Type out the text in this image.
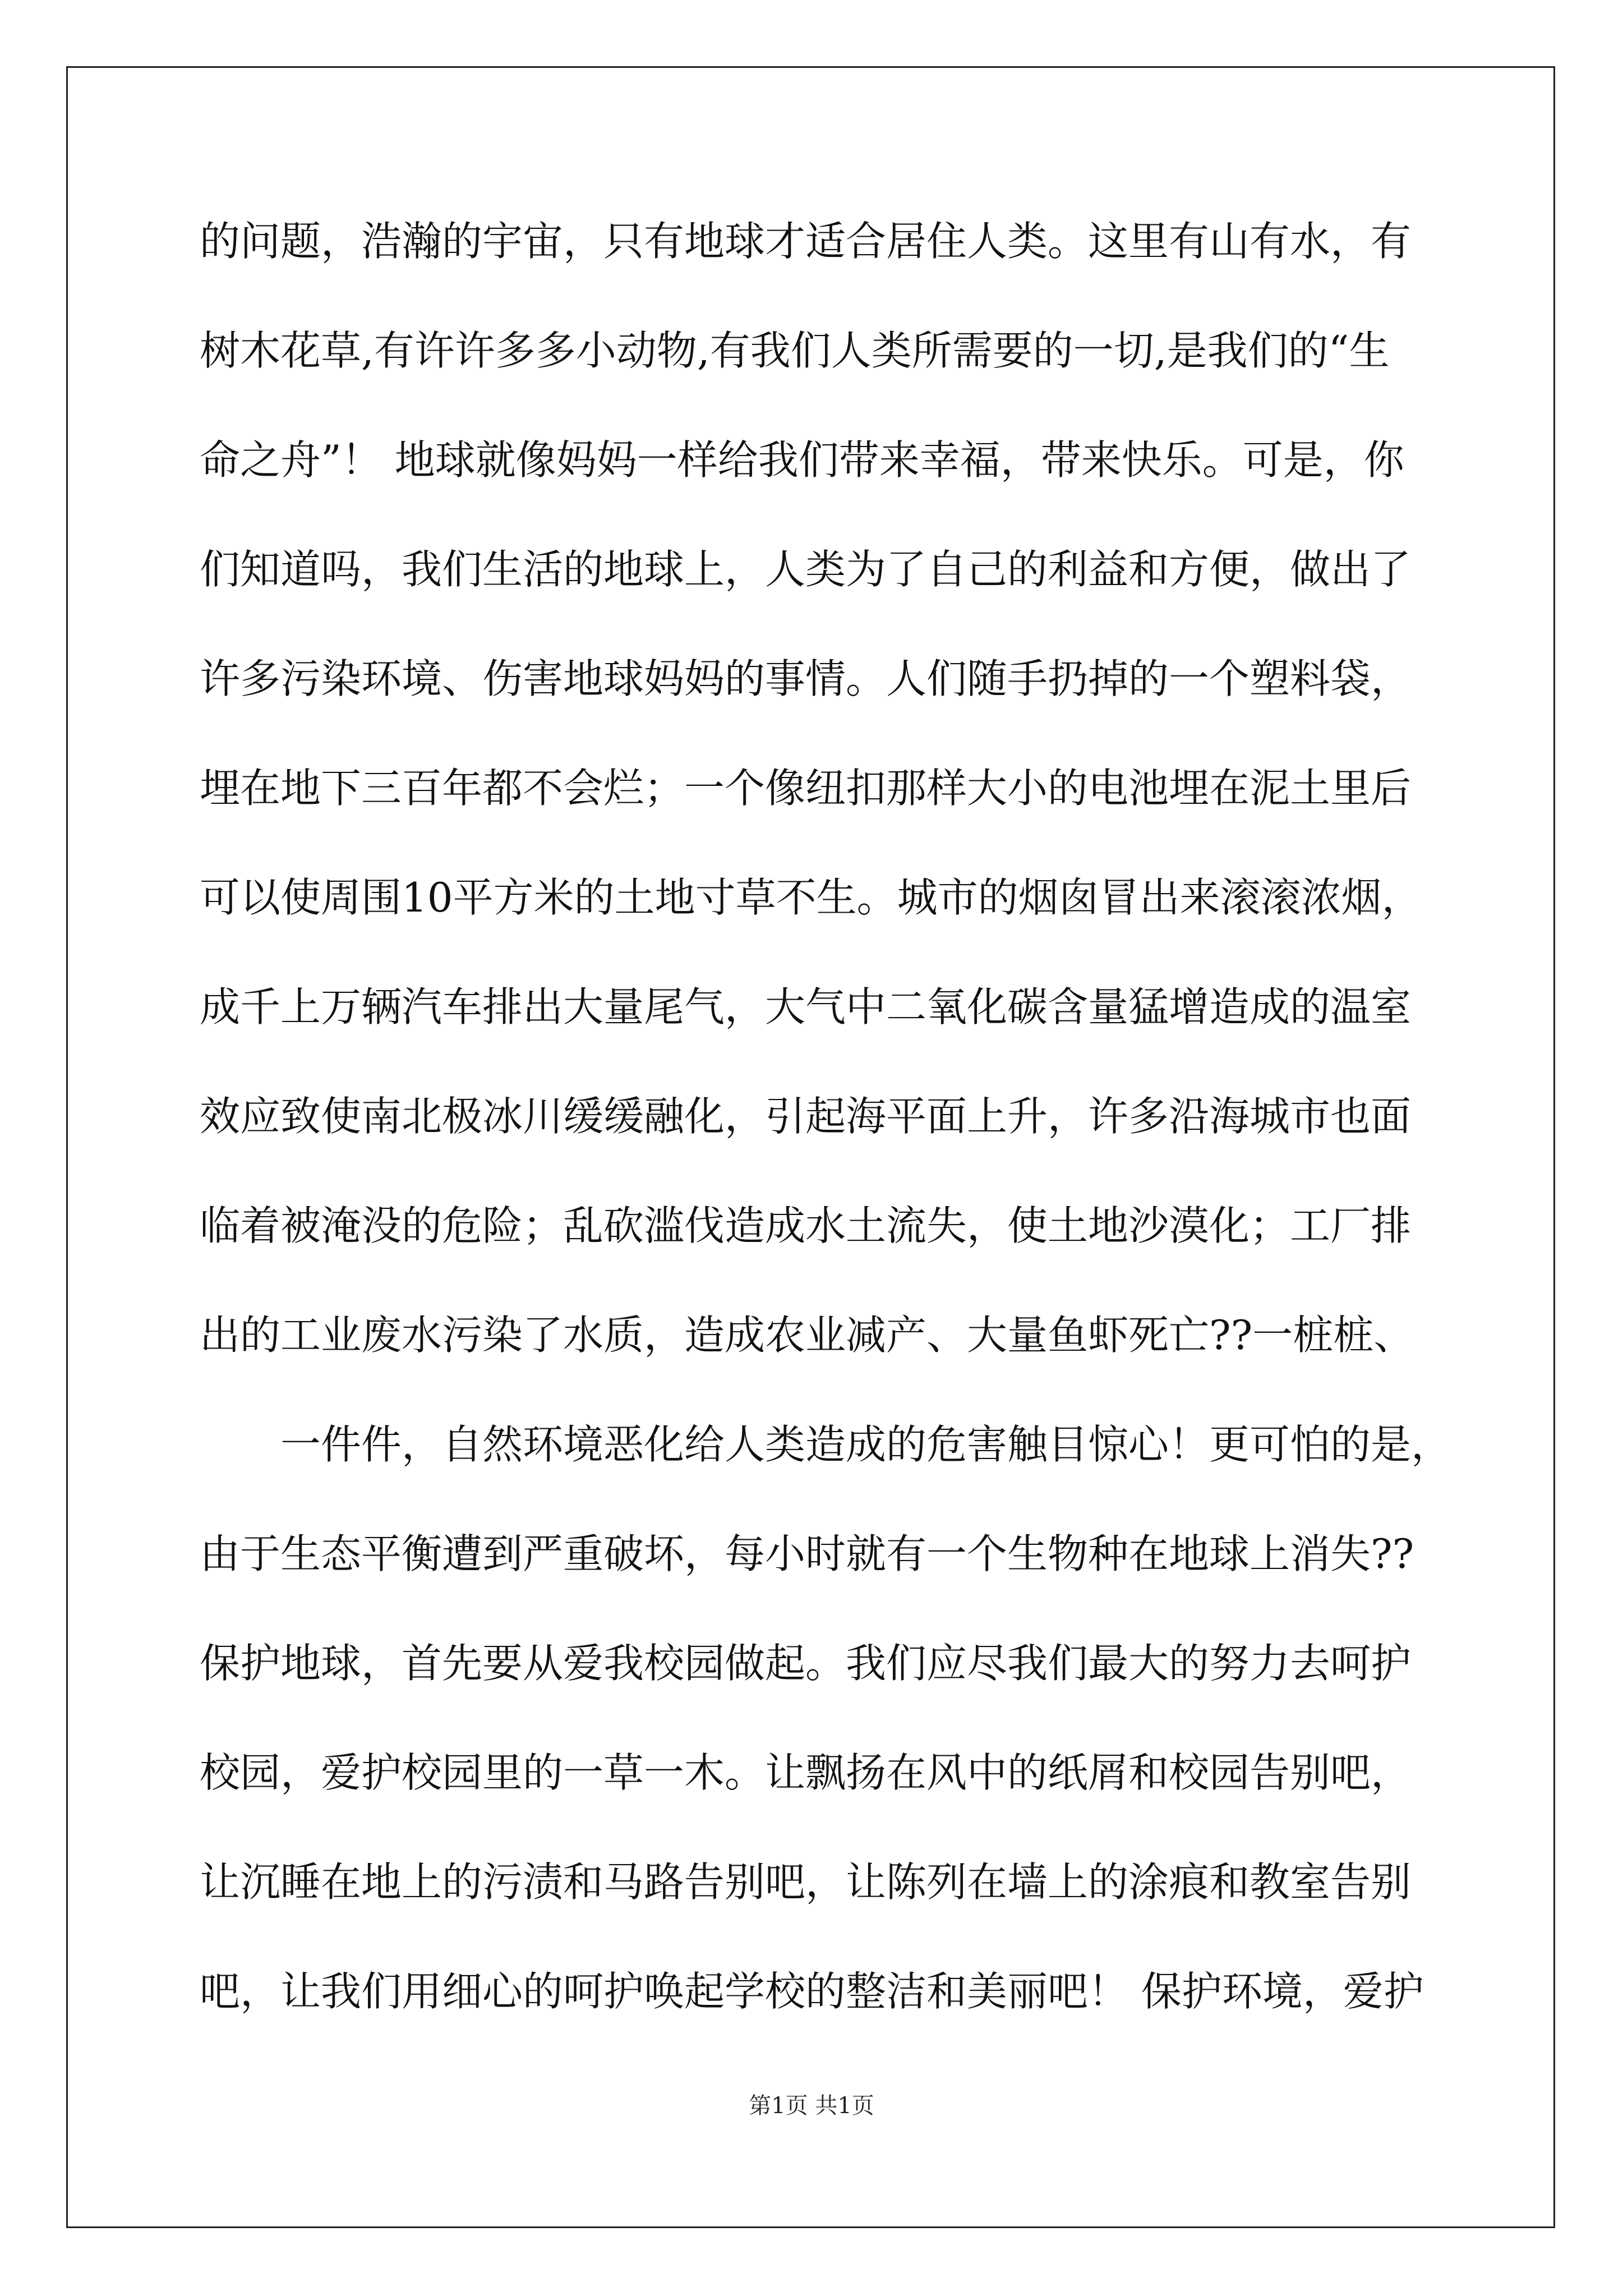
的问题，浩瀚的宇宙，只有地球才适合居住人类。这里有山有水，有
树木花草,有许许多多小动物,有我们人类所需要的一切,是我们的“生
命之舟”！ 地球就像妈妈一样给我们带来幸福，带来快乐。可是，你
们知道吗，我们生活的地球上，人类为了自己的利益和方便，做出了
许多污染环境、伤害地球妈妈的事情。人们随手扔掉的一个塑料袋，
埋在地下三百年都不会烂；一个像纽扣那样大小的电池埋在泥土里后
可以使周围10平方米的土地寸草不生。城市的烟囱冒出来滚滚浓烟，
成千上万辆汽车排出大量尾气，大气中二氧化碳含量猛增造成的温室
效应致使南北极冰川缓缓融化，引起海平面上升，许多沿海城市也面
临着被淹没的危险；乱砍滥伐造成水土流失，使土地沙漠化；工厂排
出的工业废水污染了水质，造成农业减产、大量鱼虾死亡??一桩桩、
一件件，自然环境恶化给人类造成的危害触目惊心！更可怕的是，
由于生态平衡遭到严重破坏，每小时就有一个生物种在地球上消失??
保护地球，首先要从爱我校园做起。我们应尽我们最大的努力去呵护
校园，爱护校园里的一草一木。让飘扬在风中的纸屑和校园告别吧，
让沉睡在地上的污渍和马路告别吧，让陈列在墙上的涂痕和教室告别
吧，让我们用细心的呵护唤起学校的整洁和美丽吧！ 保护环境，爱护
第1页 共1页
